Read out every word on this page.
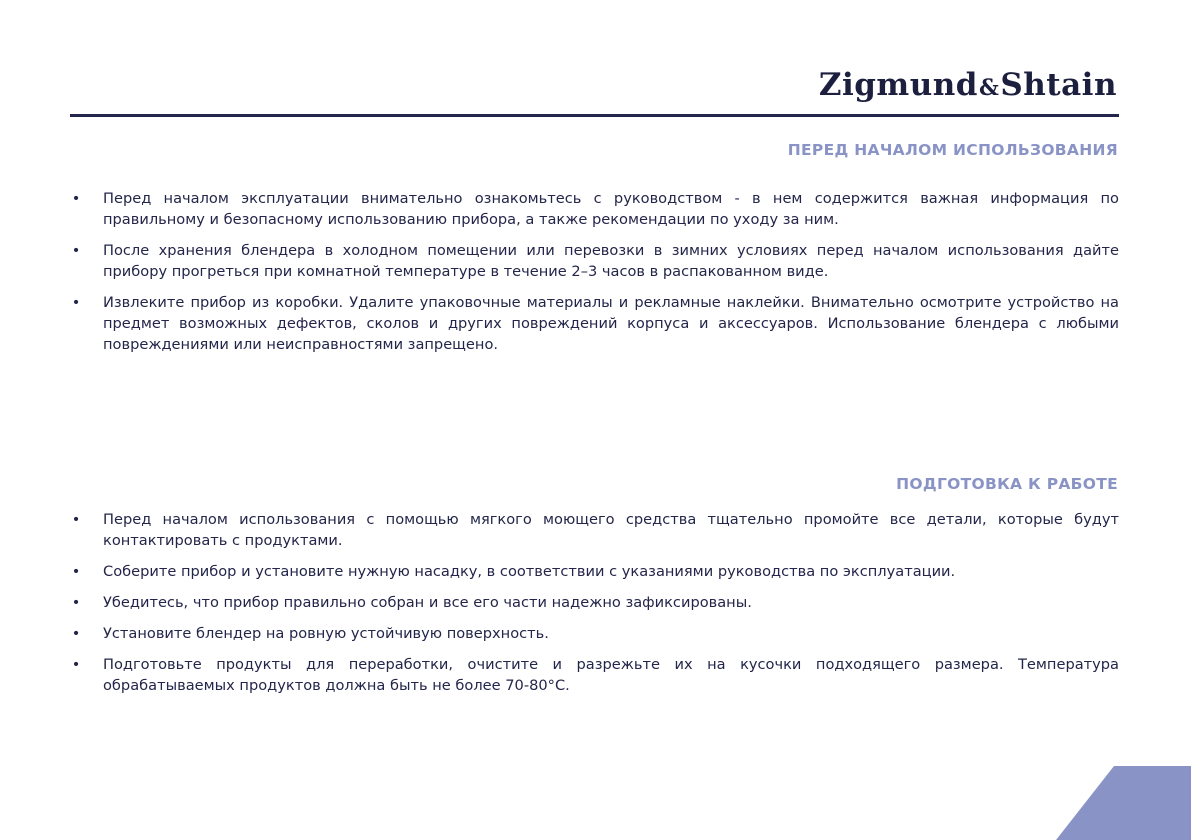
Zigmund&Shtain
ПЕРЕД НАЧАЛОМ ИСПОЛЬЗОВАНИЯ
• Перед началом эксплуатации внимательно ознакомьтесь с руководством - в нем содержится важная информация по правильному и безопасному использованию прибора, а также рекомендации по уходу за ним.
• После хранения блендера в холодном помещении или перевозки в зимних условиях перед началом использования дайте прибору прогреться при комнатной температуре в течение 2–3 часов в распакованном виде.
• Извлеките прибор из коробки. Удалите упаковочные материалы и рекламные наклейки. Внимательно осмотрите устройство на предмет возможных дефектов, сколов и других повреждений корпуса и аксессуаров. Использование блендера с любыми повреждениями или неисправностями запрещено.
ПОДГОТОВКА К РАБОТЕ
• Перед началом использования с помощью мягкого моющего средства тщательно промойте все детали, которые будут контактировать с продуктами.
• Соберите прибор и установите нужную насадку, в соответствии с указаниями руководства по эксплуатации.
• Убедитесь, что прибор правильно собран и все его части надежно зафиксированы.
• Установите блендер на ровную устойчивую поверхность.
• Подготовьте продукты для переработки, очистите и разрежьте их на кусочки подходящего размера. Температура обрабатываемых продуктов должна быть не более 70-80°C.
